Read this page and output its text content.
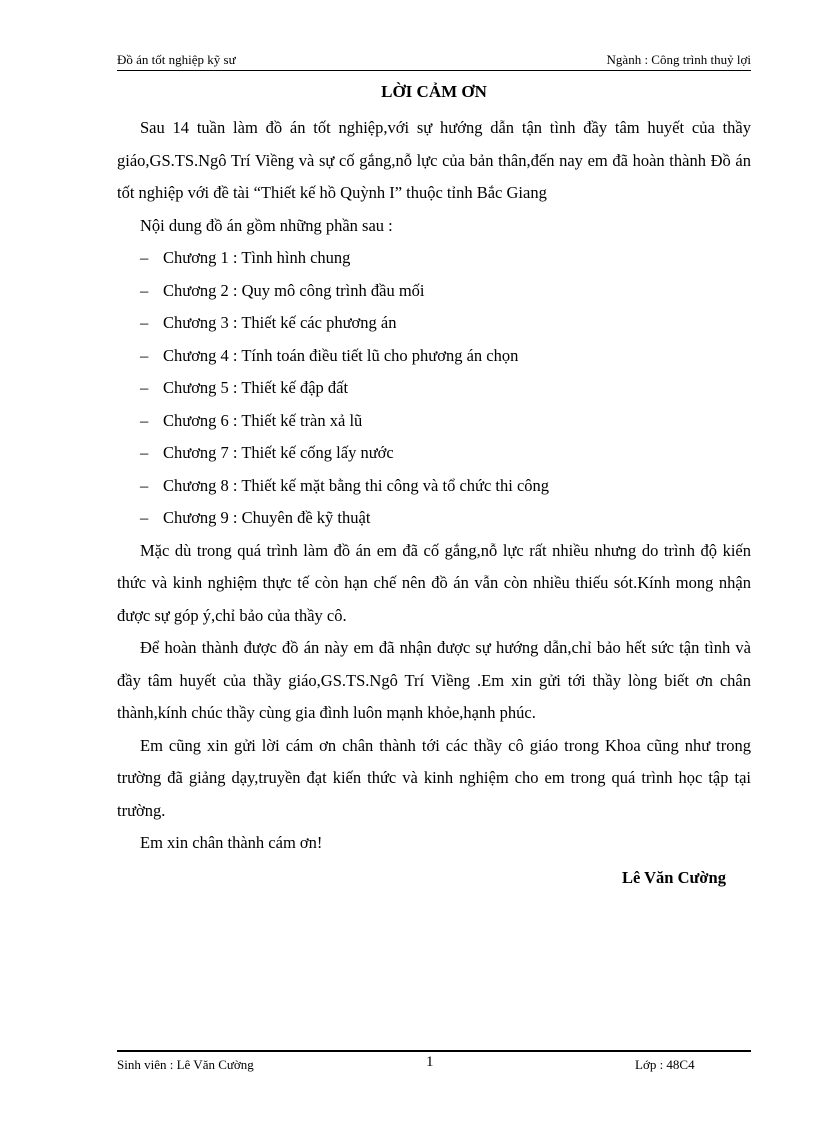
Đồ án tốt nghiệp kỹ sư	Ngành : Công trình thuỷ lợi
LỜI CẢM ƠN

Sau 14 tuần làm đồ án tốt nghiệp,với sự hướng dẫn tận tình đầy tâm huyết của thầy giáo,GS.TS.Ngô Trí Viềng và sự cố gắng,nỗ lực của bản thân,đến nay em đã hoàn thành Đồ án tốt nghiệp với đề tài “Thiết kế hồ Quỳnh I” thuộc tỉnh Bắc Giang

Nội dung đồ án gồm những phần sau :

– Chương 1 : Tình hình chung
– Chương 2 : Quy mô công trình đầu mối
– Chương 3 : Thiết kế các phương án
– Chương 4 : Tính toán điều tiết lũ cho phương án chọn
– Chương 5 : Thiết kế đập đất
– Chương 6 : Thiết kế tràn xả lũ
– Chương 7 : Thiết kế cống lấy nước
– Chương 8 : Thiết kế mặt bằng thi công và tổ chức thi công
– Chương 9 : Chuyên đề kỹ thuật

Mặc dù trong quá trình làm đồ án em đã cố gắng,nỗ lực rất nhiều nhưng do trình độ kiến thức và kinh nghiệm thực tế còn hạn chế nên đồ án vẫn còn nhiều thiếu sót.Kính mong nhận được sự góp ý,chỉ bảo của thầy cô.

Để hoàn thành được đồ án này em đã nhận được sự hướng dẫn,chỉ bảo hết sức tận tình và đầy tâm huyết của thầy giáo,GS.TS.Ngô Trí Viềng .Em xin gửi tới thầy lòng biết ơn chân thành,kính chúc thầy cùng gia đình luôn mạnh khỏe,hạnh phúc.

Em cũng xin gửi lời cám ơn chân thành tới các thầy cô giáo trong Khoa cũng như trong trường đã giảng dạy,truyền đạt kiến thức và kinh nghiệm cho em trong quá trình học tập tại trường.

Em xin chân thành cám ơn!

Lê Văn Cường

Sinh viên : Lê Văn Cường	1	Lớp : 48C4
